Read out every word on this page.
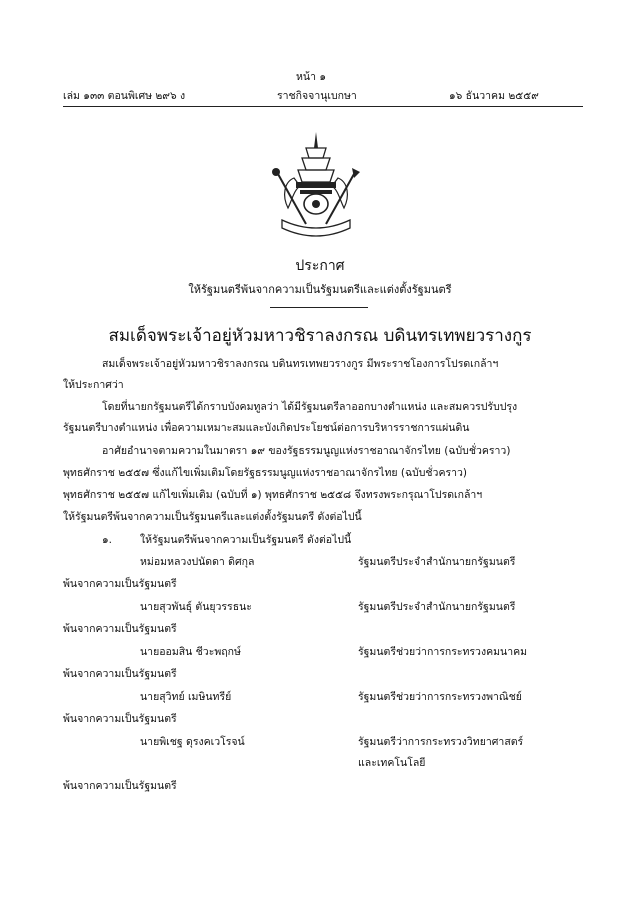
หน้า ๑
เล่ม ๑๓๓ ตอนพิเศษ ๒๙๖ ง	ราชกิจจานุเบกษา	๑๖ ธันวาคม ๒๕๕๙
ประกาศ
ให้รัฐมนตรีพ้นจากความเป็นรัฐมนตรีและแต่งตั้งรัฐมนตรี
สมเด็จพระเจ้าอยู่หัวมหาวชิราลงกรณ บดินทรเทพยวรางกูร
สมเด็จพระเจ้าอยู่หัวมหาวชิราลงกรณ บดินทรเทพยวรางกูร มีพระราชโองการโปรดเกล้าฯ
ให้ประกาศว่า
โดยที่นายกรัฐมนตรีได้กราบบังคมทูลว่า ได้มีรัฐมนตรีลาออกบางตำแหน่ง และสมควรปรับปรุง
รัฐมนตรีบางตำแหน่ง เพื่อความเหมาะสมและบังเกิดประโยชน์ต่อการบริหารราชการแผ่นดิน
อาศัยอำนาจตามความในมาตรา ๑๙ ของรัฐธรรมนูญแห่งราชอาณาจักรไทย (ฉบับชั่วคราว)
พุทธศักราช ๒๕๕๗ ซึ่งแก้ไขเพิ่มเติมโดยรัฐธรรมนูญแห่งราชอาณาจักรไทย (ฉบับชั่วคราว)
พุทธศักราช ๒๕๕๗ แก้ไขเพิ่มเติม (ฉบับที่ ๑) พุทธศักราช ๒๕๕๘ จึงทรงพระกรุณาโปรดเกล้าฯ
ให้รัฐมนตรีพ้นจากความเป็นรัฐมนตรีและแต่งตั้งรัฐมนตรี ดังต่อไปนี้
๑.	ให้รัฐมนตรีพ้นจากความเป็นรัฐมนตรี ดังต่อไปนี้
หม่อมหลวงปนัดดา ดิศกุล	รัฐมนตรีประจำสำนักนายกรัฐมนตรี
พ้นจากความเป็นรัฐมนตรี
นายสุวพันธุ์ ตันยุวรรธนะ	รัฐมนตรีประจำสำนักนายกรัฐมนตรี
พ้นจากความเป็นรัฐมนตรี
นายออมสิน ชีวะพฤกษ์	รัฐมนตรีช่วยว่าการกระทรวงคมนาคม
พ้นจากความเป็นรัฐมนตรี
นายสุวิทย์ เมษินทรีย์	รัฐมนตรีช่วยว่าการกระทรวงพาณิชย์
พ้นจากความเป็นรัฐมนตรี
นายพิเชฐ ดุรงคเวโรจน์	รัฐมนตรีว่าการกระทรวงวิทยาศาสตร์
และเทคโนโลยี
พ้นจากความเป็นรัฐมนตรี
